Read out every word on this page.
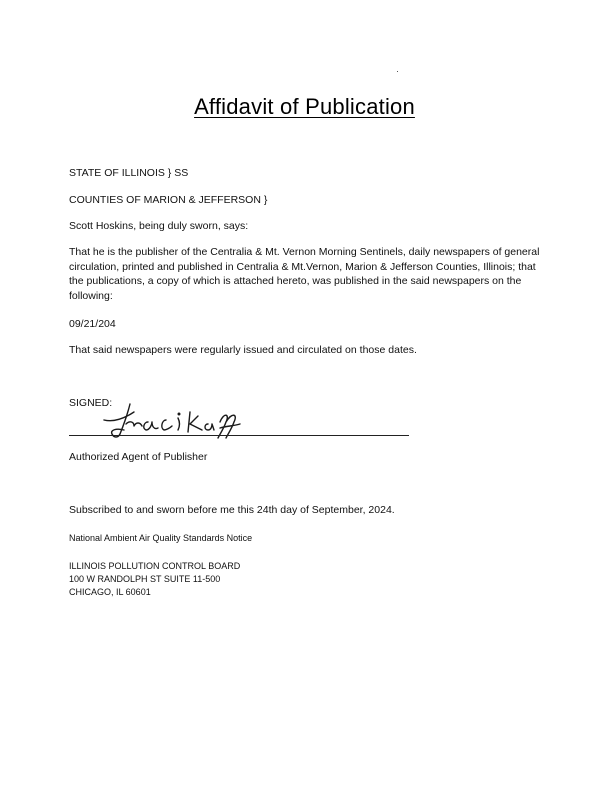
Affidavit of Publication
STATE OF ILLINOIS } SS
COUNTIES OF MARION & JEFFERSON }
Scott Hoskins, being duly sworn, says:
That he is the publisher of the Centralia & Mt. Vernon Morning Sentinels, daily newspapers of general circulation, printed and published in Centralia & Mt.Vernon, Marion & Jefferson Counties, Illinois; that the publications, a copy of which is attached hereto, was published in the said newspapers on the following:
09/21/204
That said newspapers were regularly issued and circulated on those dates.
SIGNED:
Authorized Agent of Publisher
Subscribed to and sworn before me this 24th day of September, 2024.
National Ambient Air Quality Standards Notice
ILLINOIS POLLUTION CONTROL BOARD
100 W RANDOLPH ST SUITE 11-500
CHICAGO, IL 60601
